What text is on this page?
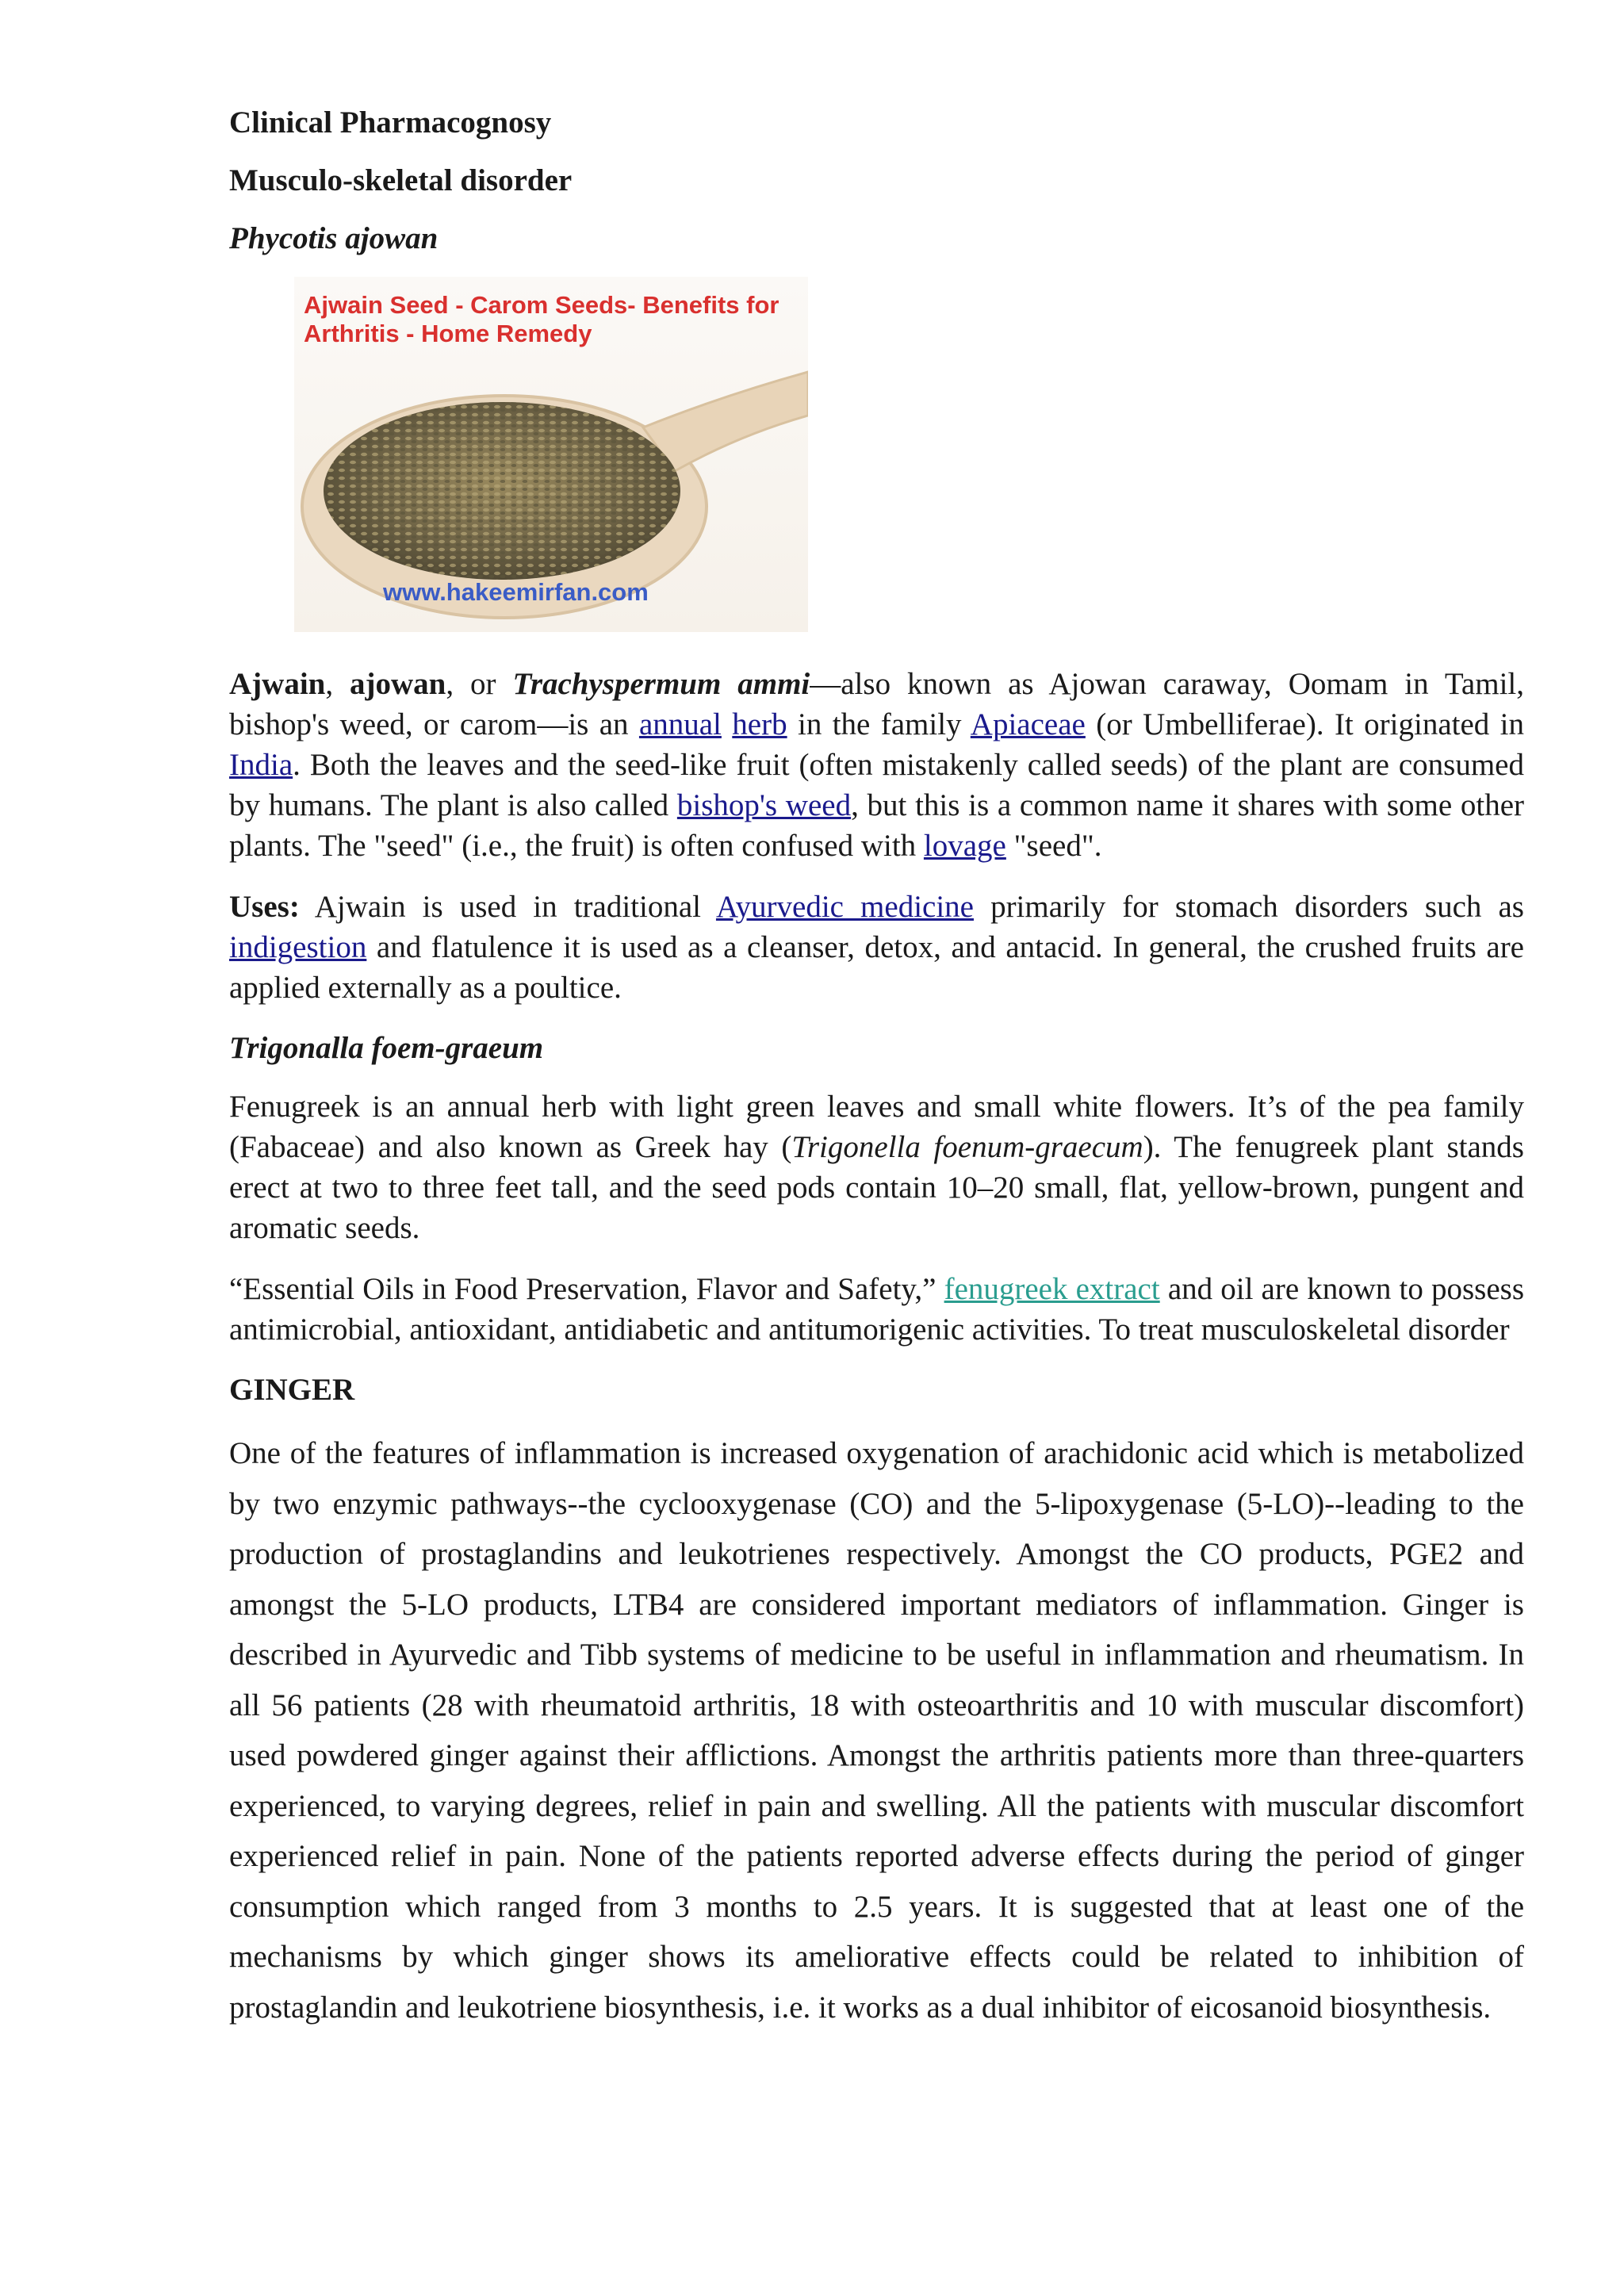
Clinical Pharmacognosy

Musculo-skeletal disorder

Phycotis ajowan

Ajwain Seed - Carom Seeds- Benefits for
Arthritis - Home Remedy
www.hakeemirfan.com

Ajwain, ajowan, or Trachyspermum ammi—also known as Ajowan caraway, Oomam in Tamil, bishop's weed, or carom—is an annual herb in the family Apiaceae (or Umbelliferae). It originated in India. Both the leaves and the seed-like fruit (often mistakenly called seeds) of the plant are consumed by humans. The plant is also called bishop's weed, but this is a common name it shares with some other plants. The "seed" (i.e., the fruit) is often confused with lovage "seed".

Uses: Ajwain is used in traditional Ayurvedic medicine primarily for stomach disorders such as indigestion and flatulence it is used as a cleanser, detox, and antacid. In general, the crushed fruits are applied externally as a poultice.

Trigonalla foem-graeum

Fenugreek is an annual herb with light green leaves and small white flowers. It’s of the pea family (Fabaceae) and also known as Greek hay (Trigonella foenum-graecum). The fenugreek plant stands erect at two to three feet tall, and the seed pods contain 10–20 small, flat, yellow-brown, pungent and aromatic seeds.

“Essential Oils in Food Preservation, Flavor and Safety,” fenugreek extract and oil are known to possess antimicrobial, antioxidant, antidiabetic and antitumorigenic activities. To treat musculoskeletal disorder

GINGER

One of the features of inflammation is increased oxygenation of arachidonic acid which is metabolized by two enzymic pathways--the cyclooxygenase (CO) and the 5-lipoxygenase (5-LO)--leading to the production of prostaglandins and leukotrienes respectively. Amongst the CO products, PGE2 and amongst the 5-LO products, LTB4 are considered important mediators of inflammation. Ginger is described in Ayurvedic and Tibb systems of medicine to be useful in inflammation and rheumatism. In all 56 patients (28 with rheumatoid arthritis, 18 with osteoarthritis and 10 with muscular discomfort) used powdered ginger against their afflictions. Amongst the arthritis patients more than three-quarters experienced, to varying degrees, relief in pain and swelling. All the patients with muscular discomfort experienced relief in pain. None of the patients reported adverse effects during the period of ginger consumption which ranged from 3 months to 2.5 years. It is suggested that at least one of the mechanisms by which ginger shows its ameliorative effects could be related to inhibition of prostaglandin and leukotriene biosynthesis, i.e. it works as a dual inhibitor of eicosanoid biosynthesis.
